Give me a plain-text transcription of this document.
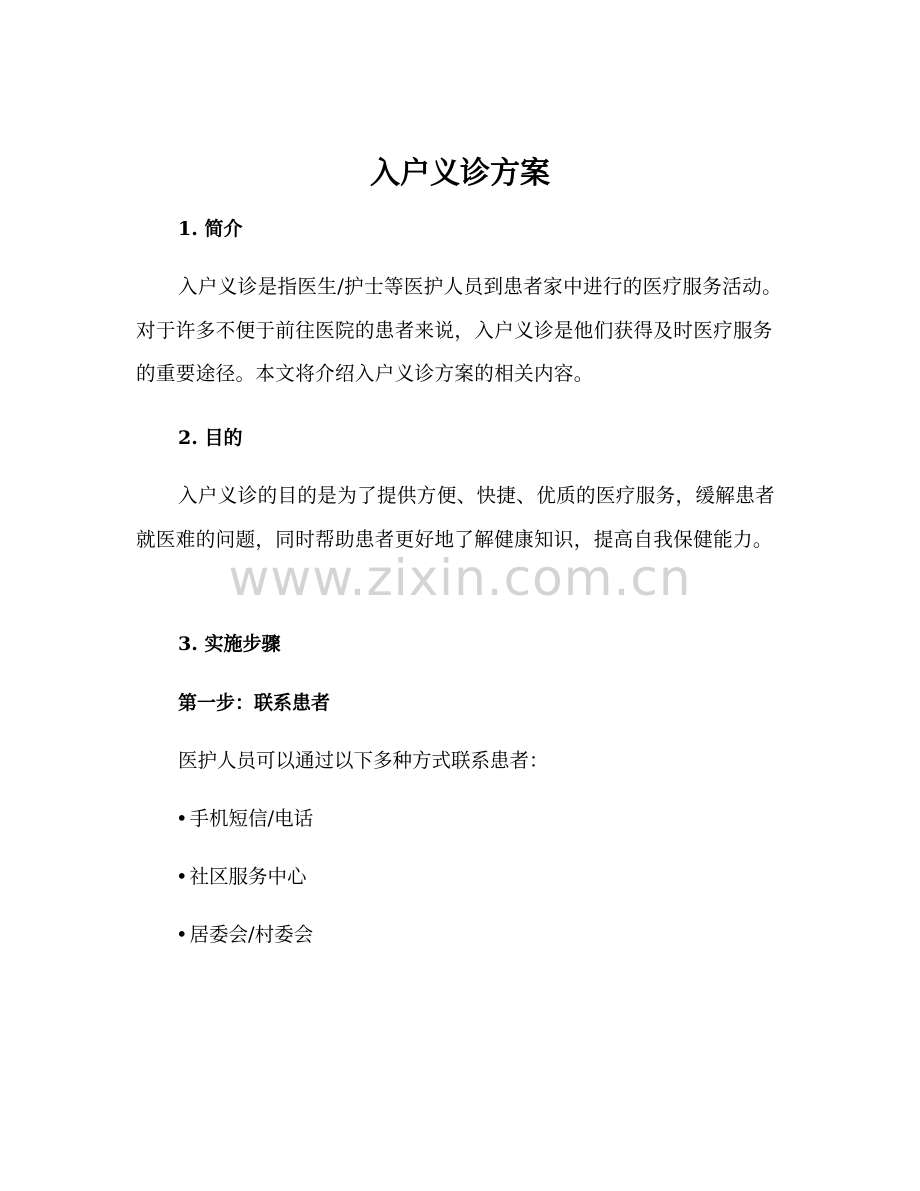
入户义诊方案
1. 简介

入户义诊是指医生/护士等医护人员到患者家中进行的医疗服务活动。对于许多不便于前往医院的患者来说，入户义诊是他们获得及时医疗服务的重要途径。本文将介绍入户义诊方案的相关内容。

2. 目的

入户义诊的目的是为了提供方便、快捷、优质的医疗服务，缓解患者就医难的问题，同时帮助患者更好地了解健康知识，提高自我保健能力。

3. 实施步骤
第一步：联系患者

医护人员可以通过以下多种方式联系患者：

• 手机短信/电话

• 社区服务中心

• 居委会/村委会

www.zixin.com.cn
